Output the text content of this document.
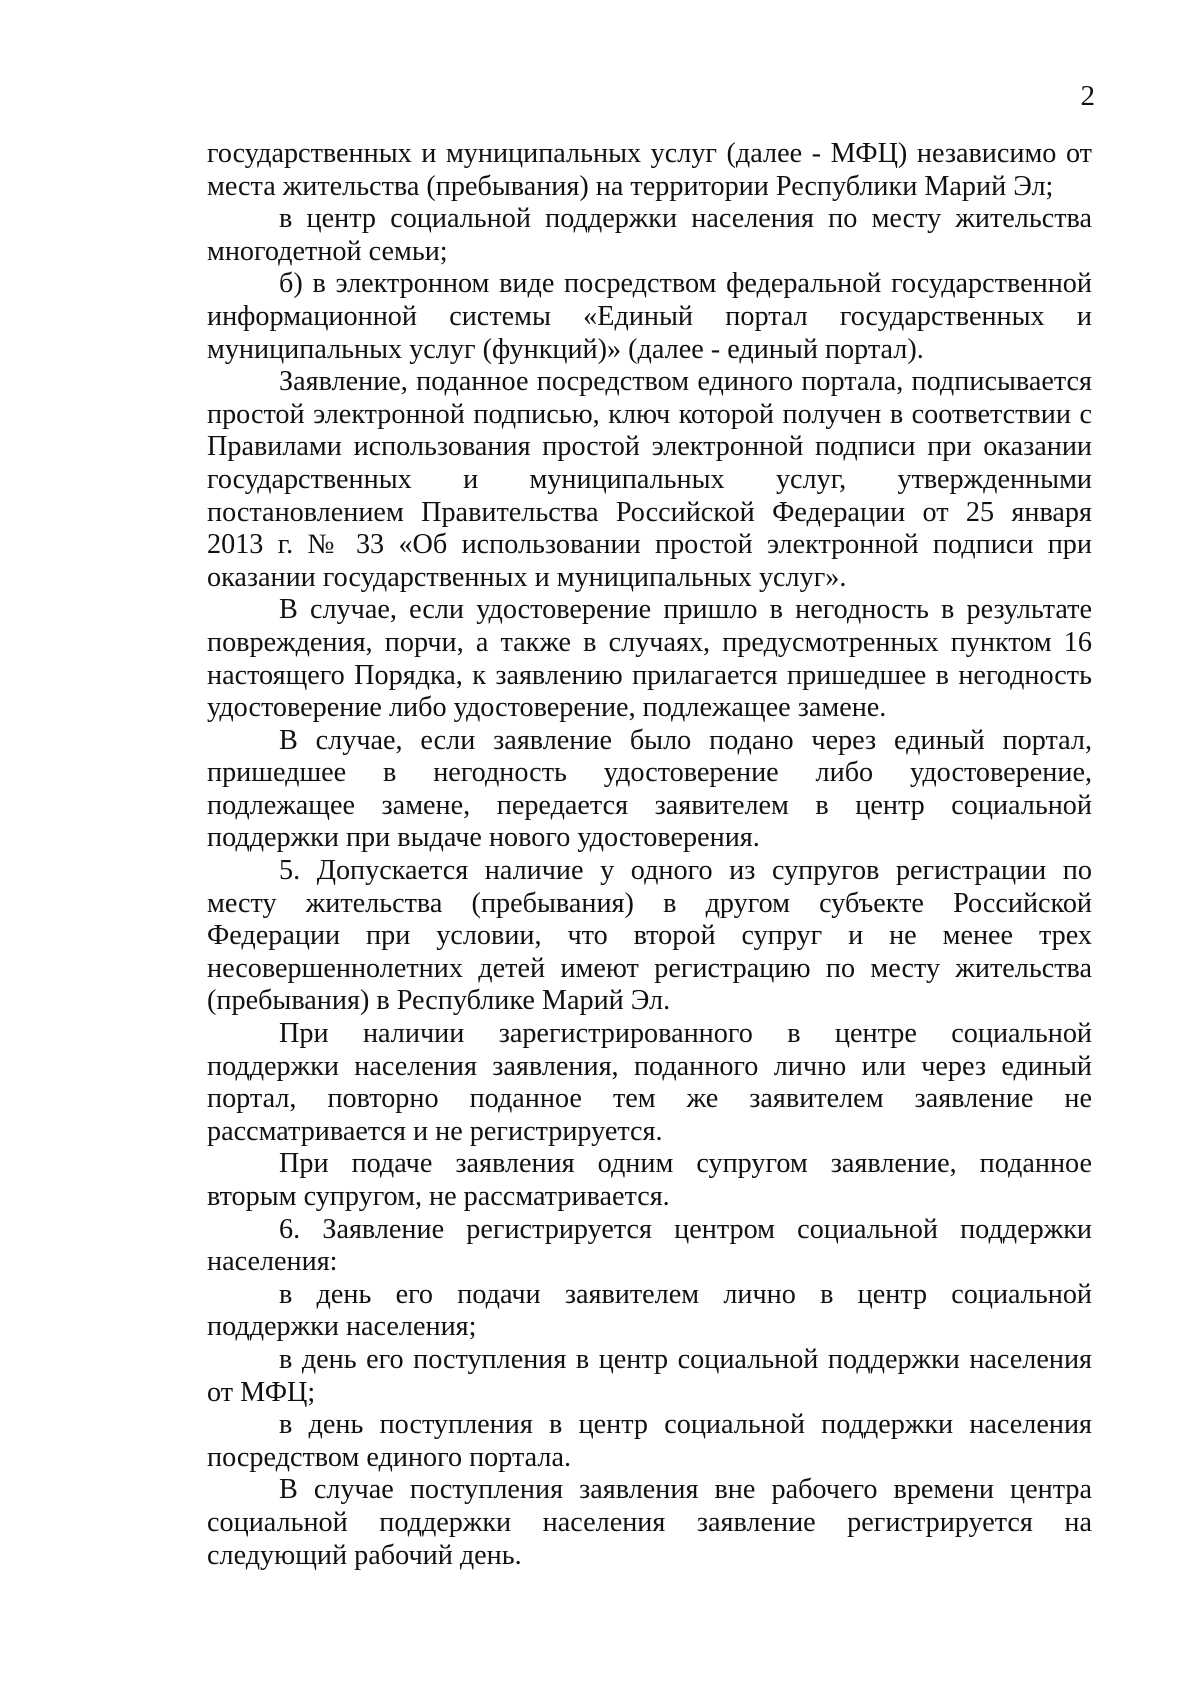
2

государственных и муниципальных услуг (далее - МФЦ) независимо от места жительства (пребывания) на территории Республики Марий Эл;

в центр социальной поддержки населения по месту жительства многодетной семьи;

б) в электронном виде посредством федеральной государственной информационной системы «Единый портал государственных и муниципальных услуг (функций)» (далее - единый портал).

Заявление, поданное посредством единого портала, подписывается простой электронной подписью, ключ которой получен в соответствии с Правилами использования простой электронной подписи при оказании государственных и муниципальных услуг, утвержденными постановлением Правительства Российской Федерации от 25 января 2013 г. № 33 «Об использовании простой электронной подписи при оказании государственных и муниципальных услуг».

В случае, если удостоверение пришло в негодность в результате повреждения, порчи, а также в случаях, предусмотренных пунктом 16 настоящего Порядка, к заявлению прилагается пришедшее в негодность удостоверение либо удостоверение, подлежащее замене.

В случае, если заявление было подано через единый портал, пришедшее в негодность удостоверение либо удостоверение, подлежащее замене, передается заявителем в центр социальной поддержки при выдаче нового удостоверения.

5. Допускается наличие у одного из супругов регистрации по месту жительства (пребывания) в другом субъекте Российской Федерации при условии, что второй супруг и не менее трех несовершеннолетних детей имеют регистрацию по месту жительства (пребывания) в Республике Марий Эл.

При наличии зарегистрированного в центре социальной поддержки населения заявления, поданного лично или через единый портал, повторно поданное тем же заявителем заявление не рассматривается и не регистрируется.

При подаче заявления одним супругом заявление, поданное вторым супругом, не рассматривается.

6. Заявление регистрируется центром социальной поддержки населения:

в день его подачи заявителем лично в центр социальной поддержки населения;

в день его поступления в центр социальной поддержки населения от МФЦ;

в день поступления в центр социальной поддержки населения посредством единого портала.

В случае поступления заявления вне рабочего времени центра социальной поддержки населения заявление регистрируется на следующий рабочий день.
